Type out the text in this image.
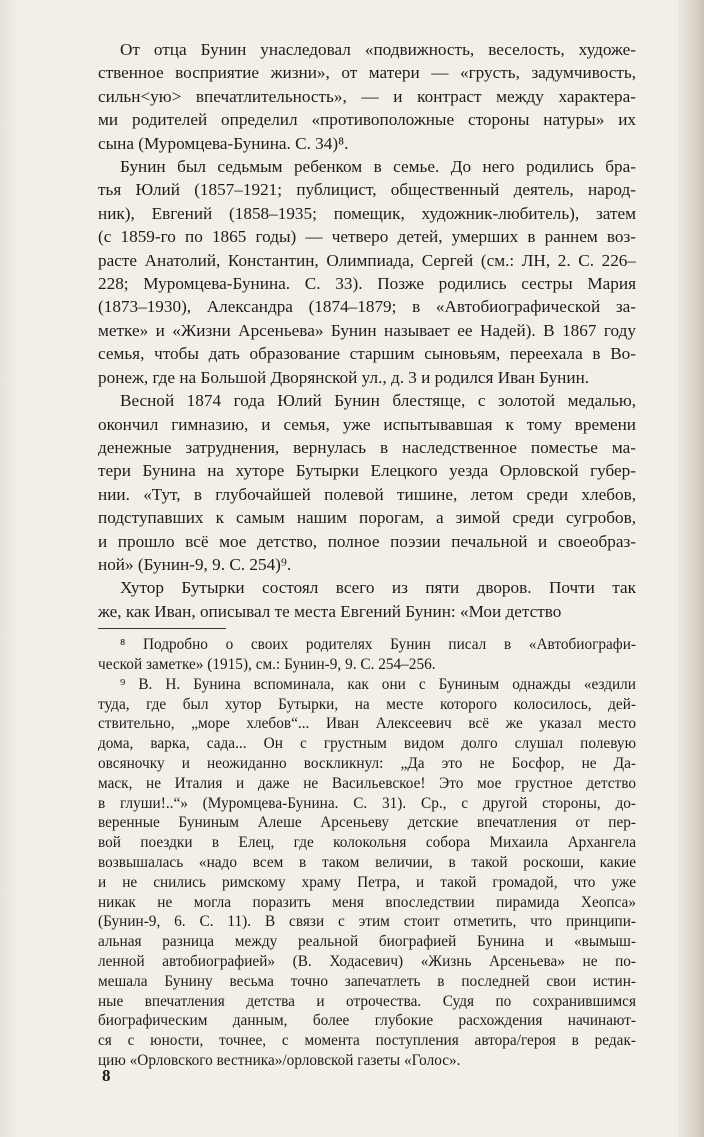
От отца Бунин унаследовал «подвижность, веселость, художе-
ственное восприятие жизни», от матери — «грусть, задумчивость,
сильн<ую> впечатлительность», — и контраст между характера-
ми родителей определил «противоположные стороны натуры» их
сына (Муромцева-Бунина. С. 34)⁸.

Бунин был седьмым ребенком в семье. До него родились бра-
тья Юлий (1857–1921; публицист, общественный деятель, народ-
ник), Евгений (1858–1935; помещик, художник-любитель), затем
(с 1859-го по 1865 годы) — четверо детей, умерших в раннем воз-
расте Анатолий, Константин, Олимпиада, Сергей (см.: ЛН, 2. С. 226–
228; Муромцева-Бунина. С. 33). Позже родились сестры Мария
(1873–1930), Александра (1874–1879; в «Автобиографической за-
метке» и «Жизни Арсеньева» Бунин называет ее Надей). В 1867 году
семья, чтобы дать образование старшим сыновьям, переехала в Во-
ронеж, где на Большой Дворянской ул., д. 3 и родился Иван Бунин.

Весной 1874 года Юлий Бунин блестяще, с золотой медалью,
окончил гимназию, и семья, уже испытывавшая к тому времени
денежные затруднения, вернулась в наследственное поместье ма-
тери Бунина на хуторе Бутырки Елецкого уезда Орловской губер-
нии. «Тут, в глубочайшей полевой тишине, летом среди хлебов,
подступавших к самым нашим порогам, а зимой среди сугробов,
и прошло всё мое детство, полное поэзии печальной и своеобраз-
ной» (Бунин-9, 9. С. 254)⁹.

Хутор Бутырки состоял всего из пяти дворов. Почти так
же, как Иван, описывал те места Евгений Бунин: «Мои детство

⁸ Подробно о своих родителях Бунин писал в «Автобиографи-
ческой заметке» (1915), см.: Бунин-9, 9. С. 254–256.

⁹ В. Н. Бунина вспоминала, как они с Буниным однажды «ездили
туда, где был хутор Бутырки, на месте которого колосилось, дей-
ствительно, „море хлебов“... Иван Алексеевич всё же указал место
дома, варка, сада... Он с грустным видом долго слушал полевую
овсяночку и неожиданно воскликнул: „Да это не Босфор, не Да-
маск, не Италия и даже не Васильевское! Это мое грустное детство
в глуши!..“» (Муромцева-Бунина. С. 31). Ср., с другой стороны, до-
веренные Буниным Алеше Арсеньеву детские впечатления от пер-
вой поездки в Елец, где колокольня собора Михаила Архангела
возвышалась «надо всем в таком величии, в такой роскоши, какие
и не снились римскому храму Петра, и такой громадой, что уже
никак не могла поразить меня впоследствии пирамида Хеопса»
(Бунин-9, 6. С. 11). В связи с этим стоит отметить, что принципи-
альная разница между реальной биографией Бунина и «вымыш-
ленной автобиографией» (В. Ходасевич) «Жизнь Арсеньева» не по-
мешала Бунину весьма точно запечатлеть в последней свои истин-
ные впечатления детства и отрочества. Судя по сохранившимся
биографическим данным, более глубокие расхождения начинают-
ся с юности, точнее, с момента поступления автора/героя в редак-
цию «Орловского вестника»/орловской газеты «Голос».

8
